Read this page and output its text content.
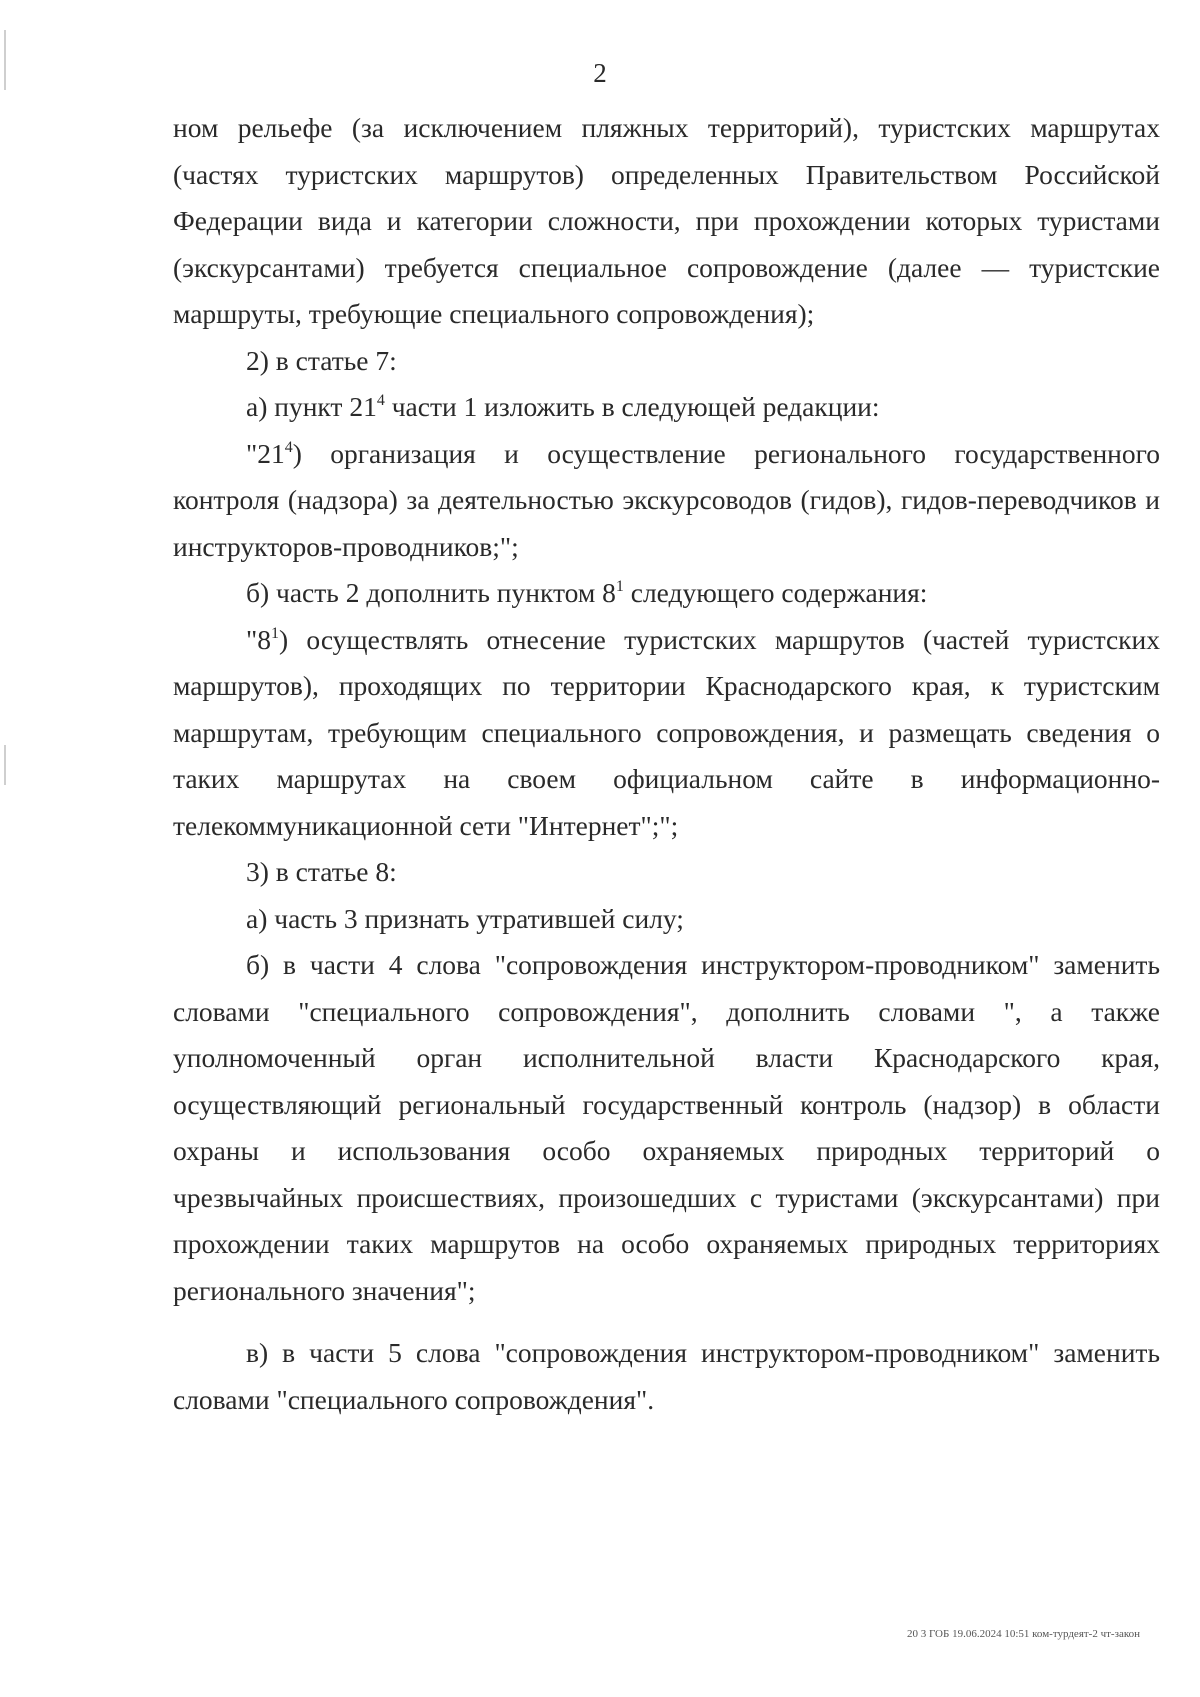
2

ном рельефе (за исключением пляжных территорий), туристских маршрутах (частях туристских маршрутов) определенных Правительством Российской Федерации вида и категории сложности, при прохождении которых туристами (экскурсантами) требуется специальное сопровождение (далее — туристские маршруты, требующие специального сопровождения);

2) в статье 7:

а) пункт $21^4$ части 1 изложить в следующей редакции:

"$21^4$) организация и осуществление регионального государственного контроля (надзора) за деятельностью экскурсоводов (гидов), гидов-переводчиков и инструкторов-проводников;";

б) часть 2 дополнить пунктом $8^1$ следующего содержания:

"$8^1$) осуществлять отнесение туристских маршрутов (частей туристских маршрутов), проходящих по территории Краснодарского края, к туристским маршрутам, требующим специального сопровождения, и размещать сведения о таких маршрутах на своем официальном сайте в информационно-телекоммуникационной сети "Интернет";";

3) в статье 8:

а) часть 3 признать утратившей силу;

б) в части 4 слова "сопровождения инструктором-проводником" заменить словами "специального сопровождения", дополнить словами ", а также уполномоченный орган исполнительной власти Краснодарского края, осуществляющий региональный государственный контроль (надзор) в области охраны и использования особо охраняемых природных территорий о чрезвычайных происшествиях, произошедших с туристами (экскурсантами) при прохождении таких маршрутов на особо охраняемых природных территориях регионального значения";

в) в части 5 слова "сопровождения инструктором-проводником" заменить словами "специального сопровождения".

20 3 ГОБ 19.06.2024 10:51 ком-турдеят-2 чт-закон
